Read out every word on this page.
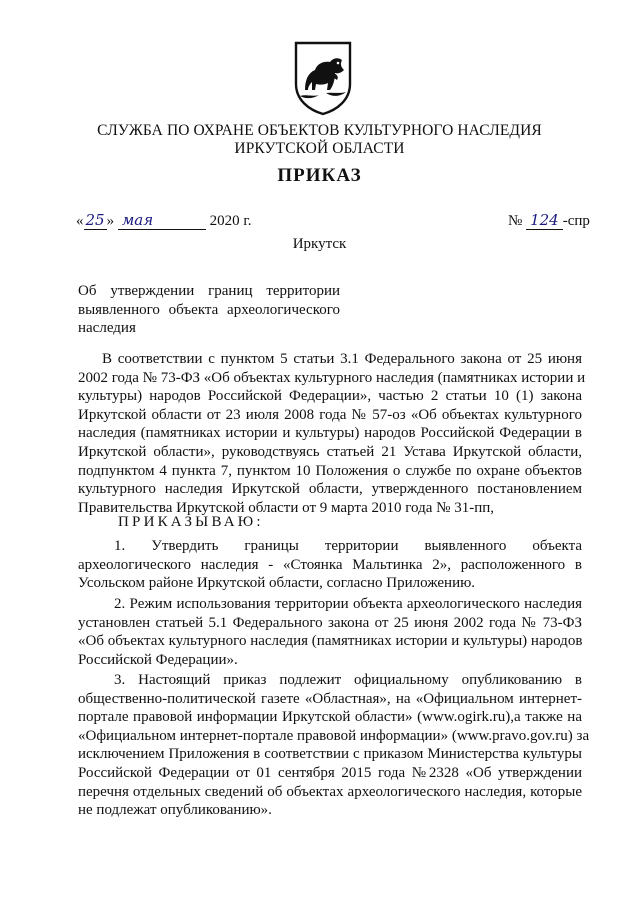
СЛУЖБА ПО ОХРАНЕ ОБЪЕКТОВ КУЛЬТУРНОГО НАСЛЕДИЯ
ИРКУТСКОЙ ОБЛАСТИ
ПРИКАЗ
« 25 » мая	2020 г.	№ 124 -спр
Иркутск
Об утверждении границ территории
выявленного объекта археологического
наследия
В соответствии с пунктом 5 статьи 3.1 Федерального закона от 25 июня
2002 года № 73-ФЗ «Об объектах культурного наследия (памятниках истории и
культуры) народов Российской Федерации», частью 2 статьи 10 (1) закона
Иркутской области от 23 июля 2008 года № 57-оз «Об объектах культурного
наследия (памятниках истории и культуры) народов Российской Федерации в
Иркутской области», руководствуясь статьей 21 Устава Иркутской области,
подпунктом 4 пункта 7, пунктом 10 Положения о службе по охране объектов
культурного наследия Иркутской области, утвержденного постановлением
Правительства Иркутской области от 9 марта 2010 года № 31-пп,
ПРИКАЗЫВАЮ:
1. Утвердить границы территории выявленного объекта
археологического наследия - «Стоянка Мальтинка 2», расположенного в
Усольском районе Иркутской области, согласно Приложению.
2. Режим использования территории объекта археологического наследия
установлен статьей 5.1 Федерального закона от 25 июня 2002 года № 73-ФЗ
«Об объектах культурного наследия (памятниках истории и культуры) народов
Российской Федерации».
3. Настоящий приказ подлежит официальному опубликованию в
общественно-политической газете «Областная», на «Официальном интернет-
портале правовой информации Иркутской области» (www.ogirk.ru),а также на
«Официальном интернет-портале правовой информации» (www.pravo.gov.ru) за
исключением Приложения в соответствии с приказом Министерства культуры
Российской Федерации от 01 сентября 2015 года №2328 «Об утверждении
перечня отдельных сведений об объектах археологического наследия, которые
не подлежат опубликованию».
